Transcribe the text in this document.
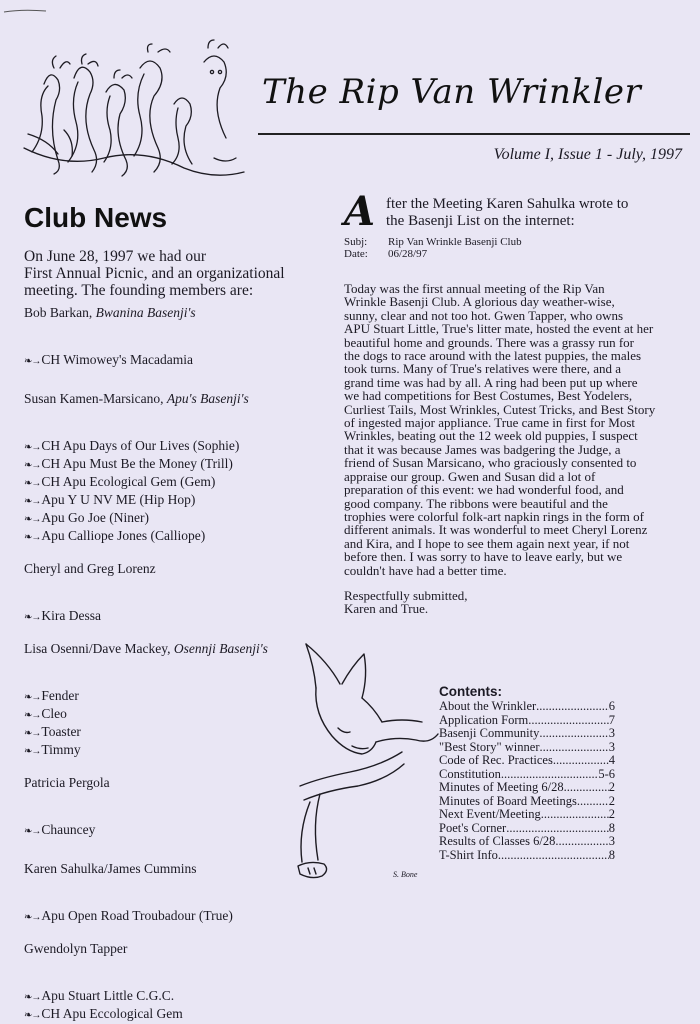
The Rip Van Wrinkler
Volume I, Issue 1 - July, 1997
Club News
On June 28, 1997 we had our
First Annual Picnic, and an organizational
meeting. The founding members are:
Bob Barkan, Bwanina Basenji's
❧→CH Wimowey's Macadamia
Susan Kamen-Marsicano, Apu's Basenji's
❧→CH Apu Days of Our Lives (Sophie)
❧→CH Apu Must Be the Money (Trill)
❧→CH Apu Ecological Gem (Gem)
❧→Apu Y U NV ME (Hip Hop)
❧→Apu Go Joe (Niner)
❧→Apu Calliope Jones (Calliope)
Cheryl and Greg Lorenz
❧→Kira Dessa
Lisa Osenni/Dave Mackey, Osennji Basenji's
❧→Fender
❧→Cleo
❧→Toaster
❧→Timmy
Patricia Pergola
❧→Chauncey
Karen Sahulka/James Cummins
❧→Apu Open Road Troubadour (True)
Gwendolyn Tapper
❧→Apu Stuart Little C.G.C.
❧→CH Apu Eccological Gem
A fter the Meeting Karen Sahulka wrote to
the Basenji List on the internet:
Subj: Rip Van Wrinkle Basenji Club
Date: 06/28/97
Today was the first annual meeting of the Rip Van
Wrinkle Basenji Club. A glorious day weather-wise,
sunny, clear and not too hot. Gwen Tapper, who owns
APU Stuart Little, True's litter mate, hosted the event at her
beautiful home and grounds. There was a grassy run for
the dogs to race around with the latest puppies, the males
took turns. Many of True's relatives were there, and a
grand time was had by all. A ring had been put up where
we had competitions for Best Costumes, Best Yodelers,
Curliest Tails, Most Wrinkles, Cutest Tricks, and Best Story
of ingested major appliance. True came in first for Most
Wrinkles, beating out the 12 week old puppies, I suspect
that it was because James was badgering the Judge, a
friend of Susan Marsicano, who graciously consented to
appraise our group. Gwen and Susan did a lot of
preparation of this event: we had wonderful food, and
good company. The ribbons were beautiful and the
trophies were colorful folk-art napkin rings in the form of
different animals. It was wonderful to meet Cheryl Lorenz
and Kira, and I hope to see them again next year, if not
before then. I was sorry to have to leave early, but we
couldn't have had a better time.
Respectfully submitted,
Karen and True.
S. Bone
Contents:
About the Wrinkler .....	6
Application Form .....	7
Basenji Community .....	3
"Best Story" winner .....	3
Code of Rec. Practices .....	4
Constitution .....	5-6
Minutes of Meeting 6/28 .....	2
Minutes of Board Meetings .....	2
Next Event/Meeting .....	2
Poet's Corner .....	8
Results of Classes 6/28 .....	3
T-Shirt Info .....	8
